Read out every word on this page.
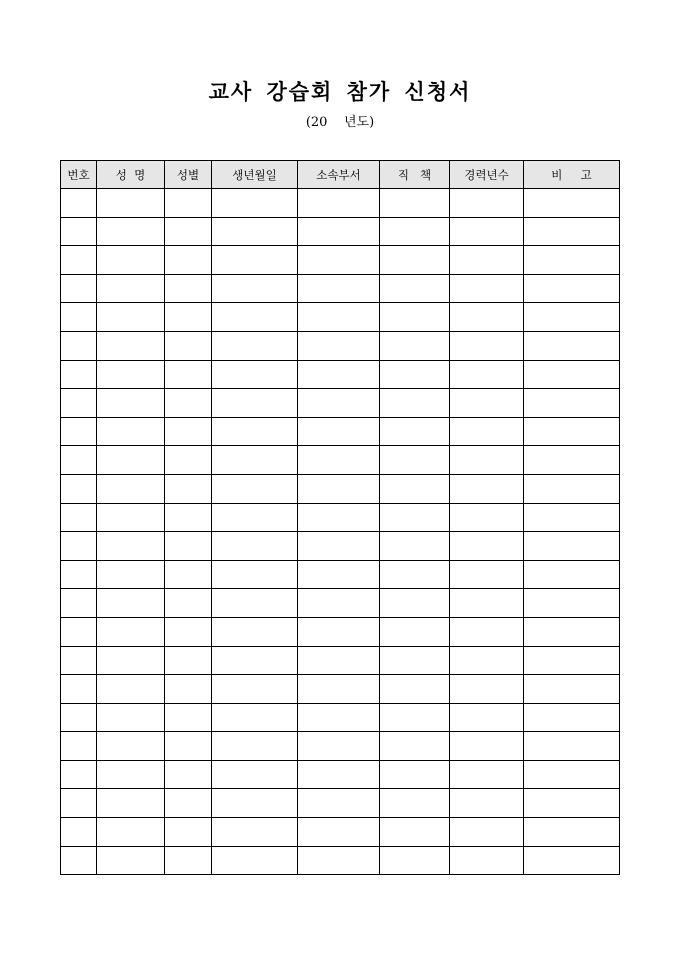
교사 강습회 참가 신청서
(20    년도)
번호	성  명	성별	생년월일	소속부서	직   책	경력년수	비     고
